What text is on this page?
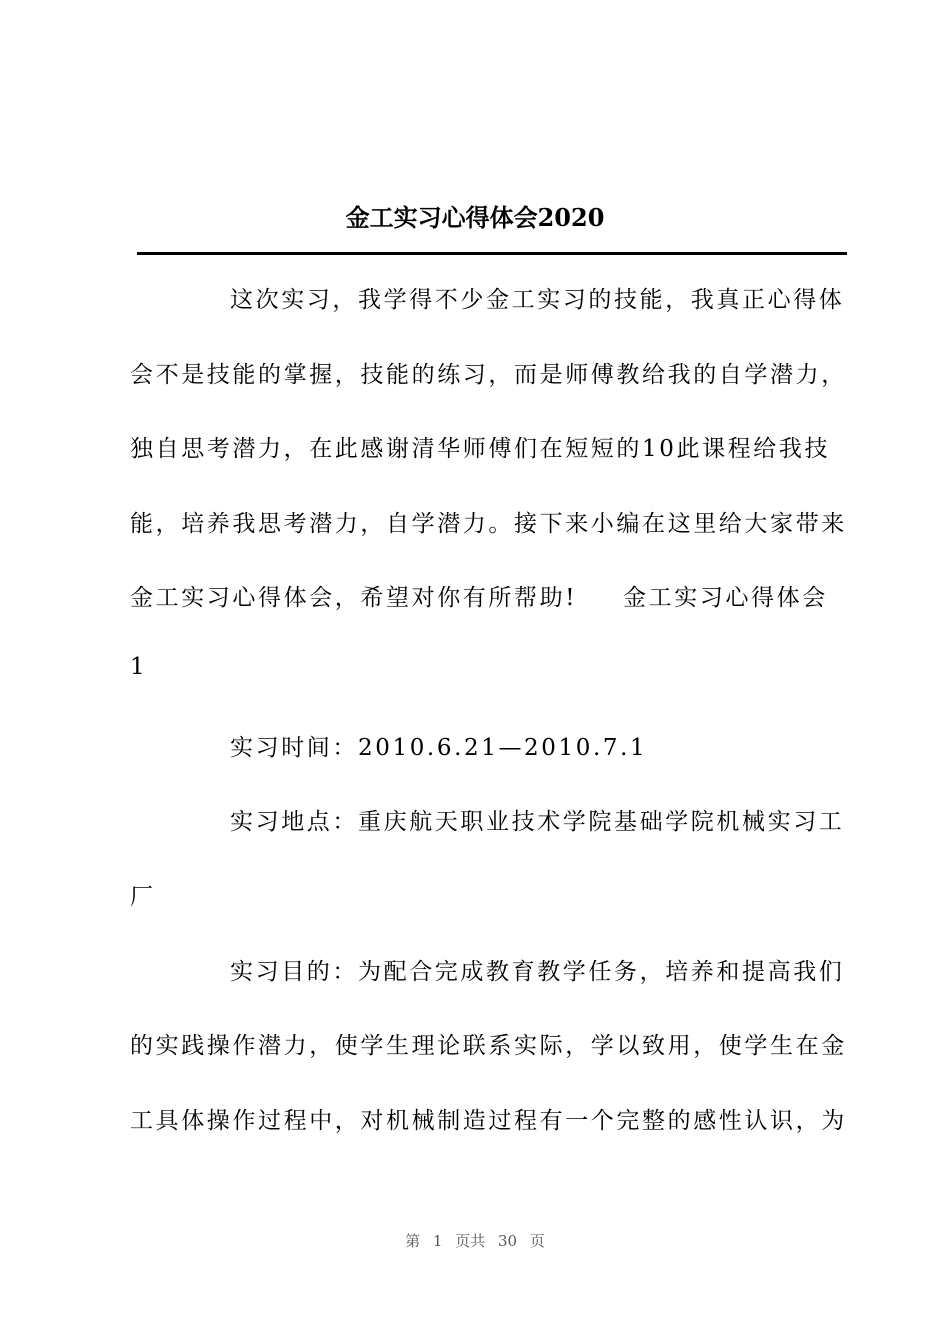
金工实习心得体会2020
这次实习，我学得不少金工实习的技能，我真正心得体
会不是技能的掌握，技能的练习，而是师傅教给我的自学潜力，
独自思考潜力，在此感谢清华师傅们在短短的10此课程给我技
能，培养我思考潜力，自学潜力。接下来小编在这里给大家带来
金工实习心得体会，希望对你有所帮助! 金工实习心得体会
1
实习时间：2010.6.21—2010.7.1
实习地点：重庆航天职业技术学院基础学院机械实习工
厂
实习目的：为配合完成教育教学任务，培养和提高我们
的实践操作潜力，使学生理论联系实际，学以致用，使学生在金
工具体操作过程中，对机械制造过程有一个完整的感性认识，为
第 1 页共 30 页
